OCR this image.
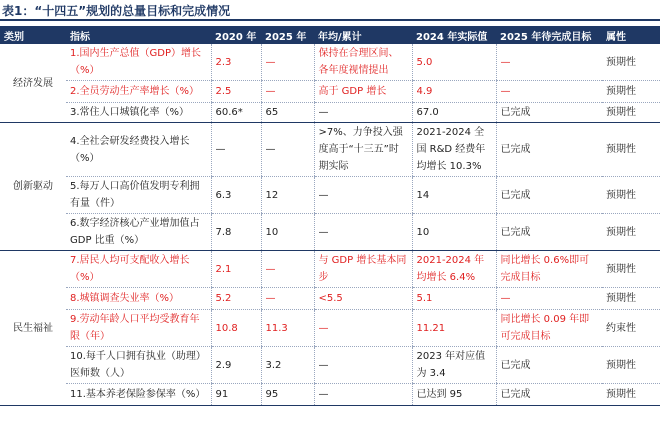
表1：“十四五”规划的总量目标和完成情况
类别	指标	2020 年	2025 年	年均/累计	2024 年实际值	2025 年待完成目标	属性
经济发展	1.国内生产总值（GDP）增长（%）	2.3	—	保持在合理区间、各年度视情提出	5.0	—	预期性
	2.全员劳动生产率增长（%）	2.5	—	高于 GDP 增长	4.9	—	预期性
	3.常住人口城镇化率（%）	60.6*	65	—	67.0	已完成	预期性
创新驱动	4.全社会研发经费投入增长（%）	—	—	>7%、力争投入强度高于“十三五”时期实际	2021-2024 全国 R&D 经费年均增长 10.3%	已完成	预期性
	5.每万人口高价值发明专利拥有量（件）	6.3	12	—	14	已完成	预期性
	6.数字经济核心产业增加值占 GDP 比重（%）	7.8	10	—	10	已完成	预期性
民生福祉	7.居民人均可支配收入增长（%）	2.1	—	与 GDP 增长基本同步	2021-2024 年均增长 6.4%	同比增长 0.6%即可完成目标	预期性
	8.城镇调查失业率（%）	5.2	—	<5.5	5.1	—	预期性
	9.劳动年龄人口平均受教育年限（年）	10.8	11.3	—	11.21	同比增长 0.09 年即可完成目标	约束性
	10.每千人口拥有执业（助理）医师数（人）	2.9	3.2	—	2023 年对应值为 3.4	已完成	预期性
	11.基本养老保险参保率（%）	91	95	—	已达到 95	已完成	预期性
